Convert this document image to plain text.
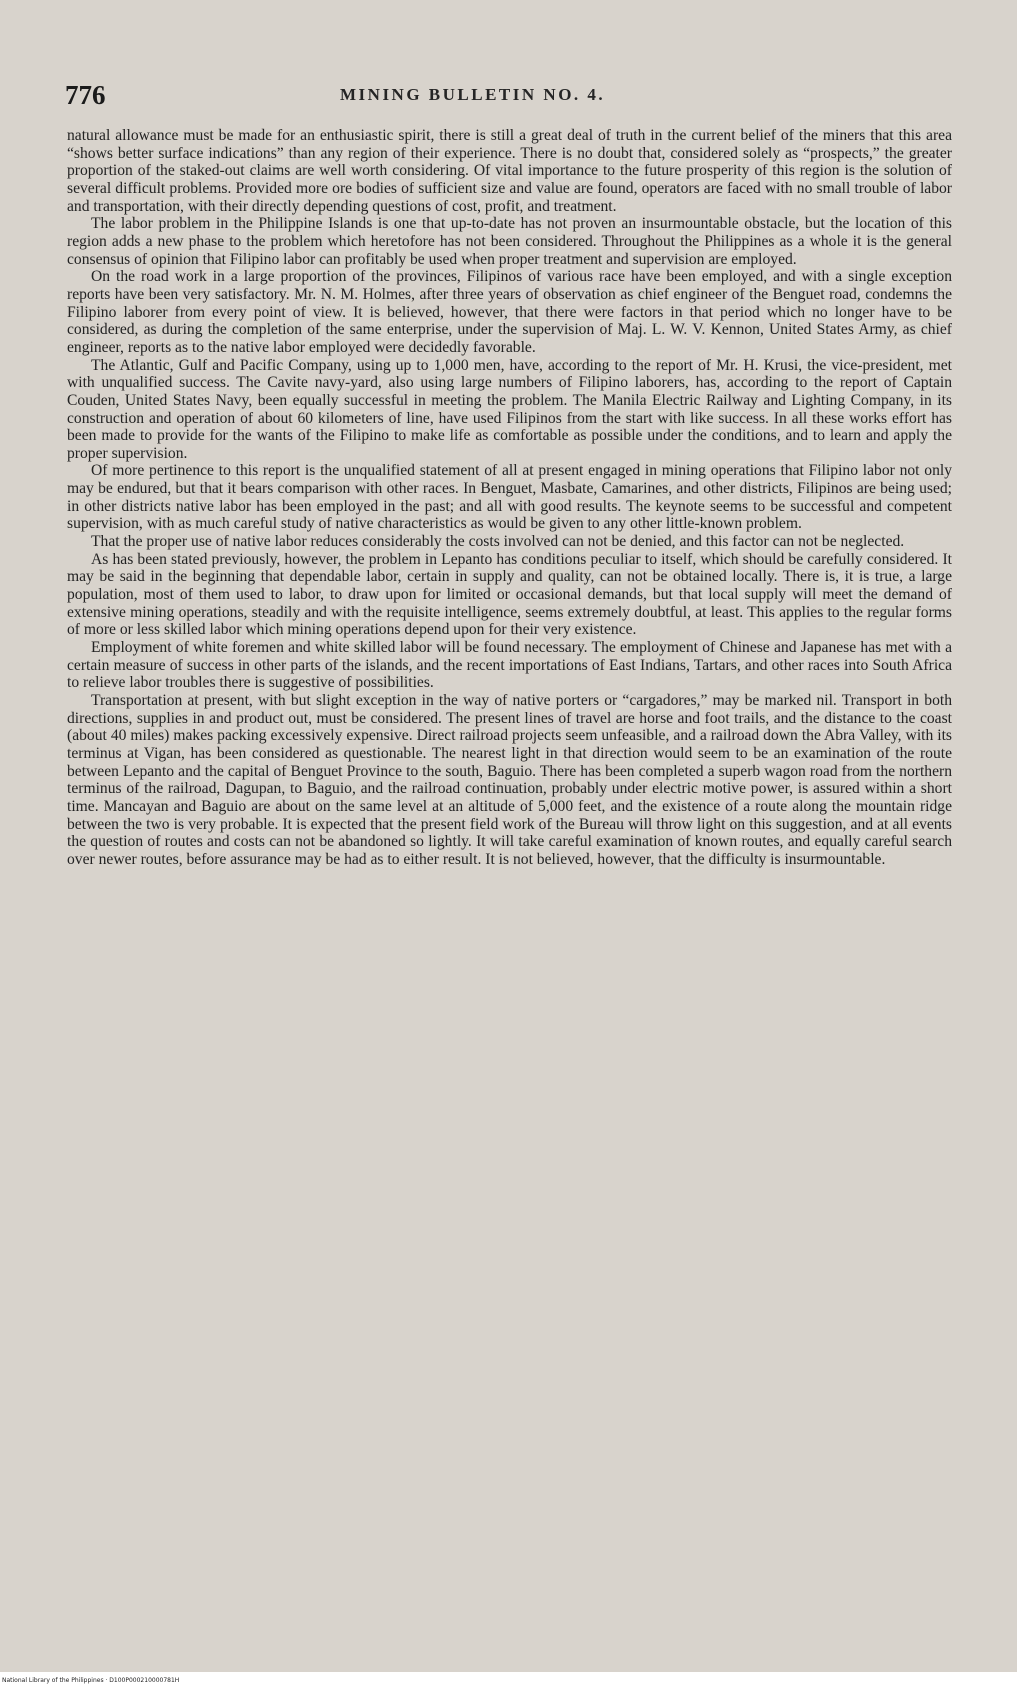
776	MINING BULLETIN NO. 4.

natural allowance must be made for an enthusiastic spirit, there is still a great deal of truth in the current belief of the miners that this area “shows better surface indications” than any region of their experience. There is no doubt that, considered solely as “prospects,” the greater proportion of the staked-out claims are well worth considering. Of vital importance to the future prosperity of this region is the solution of several difficult problems. Provided more ore bodies of sufficient size and value are found, operators are faced with no small trouble of labor and transportation, with their directly depending questions of cost, profit, and treatment.

The labor problem in the Philippine Islands is one that up-to-date has not proven an insurmountable obstacle, but the location of this region adds a new phase to the problem which heretofore has not been considered. Throughout the Philippines as a whole it is the general consensus of opinion that Filipino labor can profitably be used when proper treatment and supervision are employed.

On the road work in a large proportion of the provinces, Filipinos of various race have been employed, and with a single exception reports have been very satisfactory. Mr. N. M. Holmes, after three years of observation as chief engineer of the Benguet road, condemns the Filipino laborer from every point of view. It is believed, however, that there were factors in that period which no longer have to be considered, as during the completion of the same enterprise, under the supervision of Maj. L. W. V. Kennon, United States Army, as chief engineer, reports as to the native labor employed were decidedly favorable.

The Atlantic, Gulf and Pacific Company, using up to 1,000 men, have, according to the report of Mr. H. Krusi, the vice-president, met with unqualified success. The Cavite navy-yard, also using large numbers of Filipino laborers, has, according to the report of Captain Couden, United States Navy, been equally successful in meeting the problem. The Manila Electric Railway and Lighting Company, in its construction and operation of about 60 kilometers of line, have used Filipinos from the start with like success. In all these works effort has been made to provide for the wants of the Filipino to make life as comfortable as possible under the conditions, and to learn and apply the proper supervision.

Of more pertinence to this report is the unqualified statement of all at present engaged in mining operations that Filipino labor not only may be endured, but that it bears comparison with other races. In Benguet, Masbate, Camarines, and other districts, Filipinos are being used; in other districts native labor has been employed in the past; and all with good results. The keynote seems to be successful and competent supervision, with as much careful study of native characteristics as would be given to any other little-known problem.

That the proper use of native labor reduces considerably the costs involved can not be denied, and this factor can not be neglected.

As has been stated previously, however, the problem in Lepanto has conditions peculiar to itself, which should be carefully considered. It may be said in the beginning that dependable labor, certain in supply and quality, can not be obtained locally. There is, it is true, a large population, most of them used to labor, to draw upon for limited or occasional demands, but that local supply will meet the demand of extensive mining operations, steadily and with the requisite intelligence, seems extremely doubtful, at least. This applies to the regular forms of more or less skilled labor which mining operations depend upon for their very existence.

Employment of white foremen and white skilled labor will be found necessary. The employment of Chinese and Japanese has met with a certain measure of success in other parts of the islands, and the recent importations of East Indians, Tartars, and other races into South Africa to relieve labor troubles there is suggestive of possibilities.

Transportation at present, with but slight exception in the way of native porters or “cargadores,” may be marked nil. Transport in both directions, supplies in and product out, must be considered. The present lines of travel are horse and foot trails, and the distance to the coast (about 40 miles) makes packing excessively expensive. Direct railroad projects seem unfeasible, and a railroad down the Abra Valley, with its terminus at Vigan, has been considered as questionable. The nearest light in that direction would seem to be an examination of the route between Lepanto and the capital of Benguet Province to the south, Baguio. There has been completed a superb wagon road from the northern terminus of the railroad, Dagupan, to Baguio, and the railroad continuation, probably under electric motive power, is assured within a short time. Mancayan and Baguio are about on the same level at an altitude of 5,000 feet, and the existence of a route along the mountain ridge between the two is very probable. It is expected that the present field work of the Bureau will throw light on this suggestion, and at all events the question of routes and costs can not be abandoned so lightly. It will take careful examination of known routes, and equally careful search over newer routes, before assurance may be had as to either result. It is not believed, however, that the difficulty is insurmountable.

National Library of the Philippines · D100P000210000781H
